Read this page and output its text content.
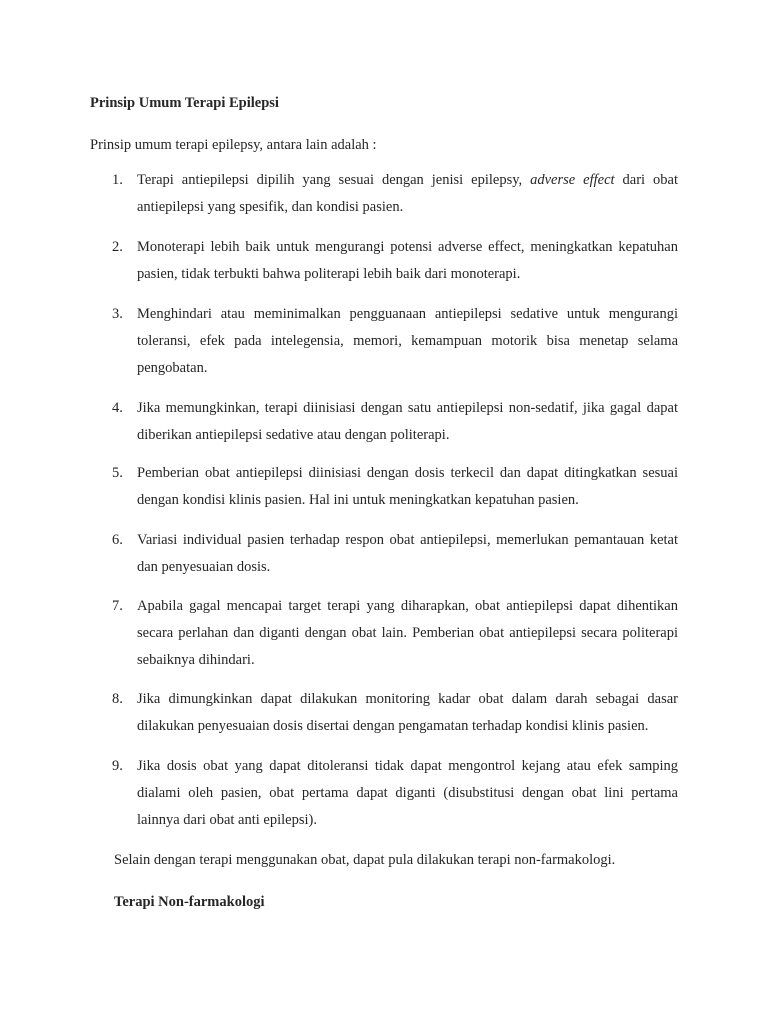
Prinsip Umum Terapi Epilepsi
Prinsip umum terapi epilepsy, antara lain adalah :
1. Terapi antiepilepsi dipilih yang sesuai dengan jenisi epilepsy, adverse effect dari obat antiepilepsi yang spesifik, dan kondisi pasien.
2. Monoterapi lebih baik untuk mengurangi potensi adverse effect, meningkatkan kepatuhan pasien, tidak terbukti bahwa politerapi lebih baik dari monoterapi.
3. Menghindari atau meminimalkan pengguanaan antiepilepsi sedative untuk mengurangi toleransi, efek pada intelegensia, memori, kemampuan motorik bisa menetap selama pengobatan.
4. Jika memungkinkan, terapi diinisiasi dengan satu antiepilepsi non-sedatif, jika gagal dapat diberikan antiepilepsi sedative atau dengan politerapi.
5. Pemberian obat antiepilepsi diinisiasi dengan dosis terkecil dan dapat ditingkatkan sesuai dengan kondisi klinis pasien. Hal ini untuk meningkatkan kepatuhan pasien.
6. Variasi individual pasien terhadap respon obat antiepilepsi, memerlukan pemantauan ketat dan penyesuaian dosis.
7. Apabila gagal mencapai target terapi yang diharapkan, obat antiepilepsi dapat dihentikan secara perlahan dan diganti dengan obat lain. Pemberian obat antiepilepsi secara politerapi sebaiknya dihindari.
8. Jika dimungkinkan dapat dilakukan monitoring kadar obat dalam darah sebagai dasar dilakukan penyesuaian dosis disertai dengan pengamatan terhadap kondisi klinis pasien.
9. Jika dosis obat yang dapat ditoleransi tidak dapat mengontrol kejang atau efek samping dialami oleh pasien, obat pertama dapat diganti (disubstitusi dengan obat lini pertama lainnya dari obat anti epilepsi).
Selain dengan terapi menggunakan obat, dapat pula dilakukan terapi non-farmakologi.
Terapi Non-farmakologi
